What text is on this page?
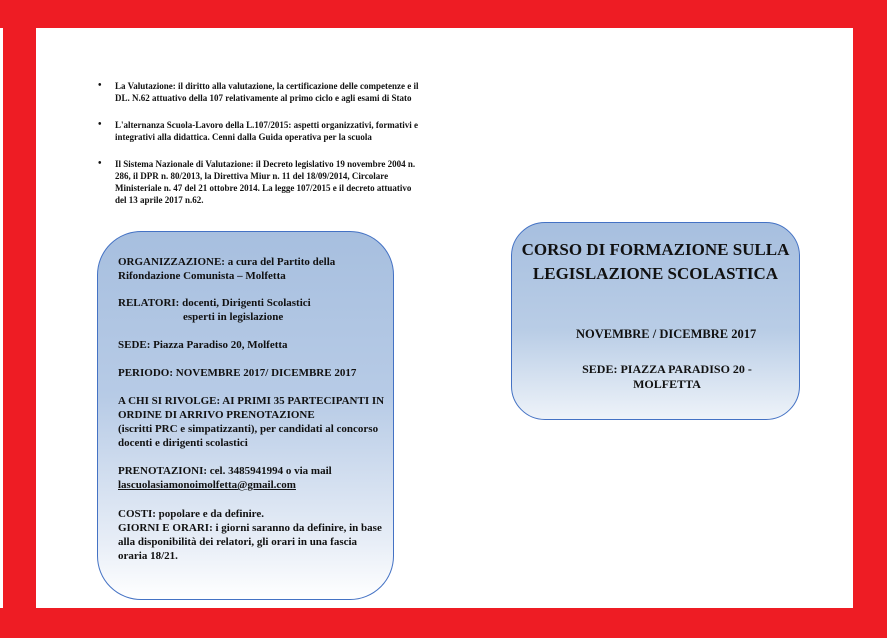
• La Valutazione: il diritto alla valutazione, la certificazione delle competenze e il DL. N.62 attuativo della 107 relativamente al primo ciclo e agli esami di Stato
• L'alternanza Scuola-Lavoro della L.107/2015: aspetti organizzativi, formativi e integrativi alla didattica. Cenni dalla Guida operativa per la scuola
• Il Sistema Nazionale di Valutazione: il Decreto legislativo 19 novembre 2004 n. 286, il DPR n. 80/2013, la Direttiva Miur n. 11 del 18/09/2014, Circolare Ministeriale n. 47 del 21 ottobre 2014. La legge 107/2015 e il decreto attuativo del 13 aprile 2017 n.62.

ORGANIZZAZIONE: a cura del Partito della Rifondazione Comunista – Molfetta

RELATORI: docenti, Dirigenti Scolastici

esperti in legislazione

SEDE: Piazza Paradiso 20, Molfetta

PERIODO: NOVEMBRE 2017/ DICEMBRE 2017

A CHI SI RIVOLGE: AI PRIMI 35 PARTECIPANTI IN ORDINE DI ARRIVO PRENOTAZIONE

(iscritti PRC e simpatizzanti), per candidati al concorso docenti e dirigenti scolastici

PRENOTAZIONI: cel. 3485941994 o via mail

lascuolasiamonoimolfetta@gmail.com

COSTI: popolare e da definire.

GIORNI E ORARI: i giorni saranno da definire, in base alla disponibilità dei relatori, gli orari in una fascia oraria 18/21.

CORSO DI FORMAZIONE SULLA LEGISLAZIONE SCOLASTICA

NOVEMBRE / DICEMBRE 2017

SEDE: PIAZZA PARADISO 20 - MOLFETTA
